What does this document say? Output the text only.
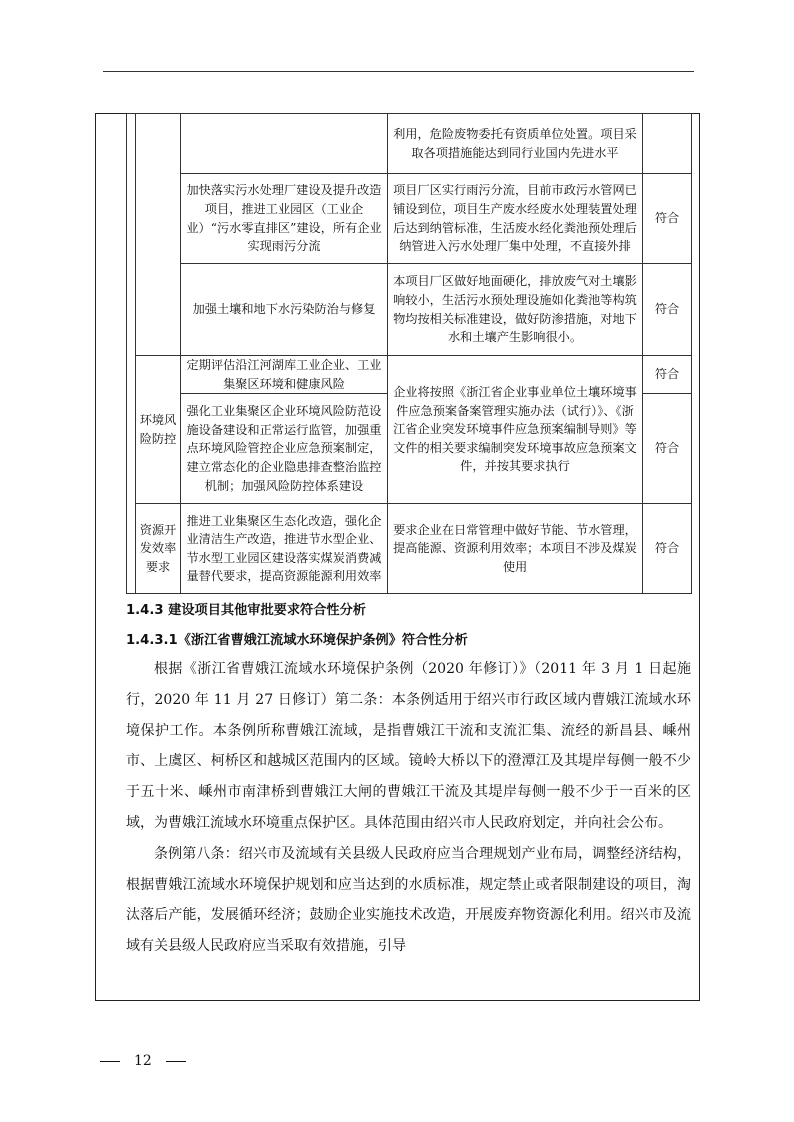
			利用，危险废物委托有资质单位处置。项目采取各项措施能达到同行业国内先进水平	
		加快落实污水处理厂建设及提升改造项目，推进工业园区（工业企业）“污水零直排区”建设，所有企业实现雨污分流	项目厂区实行雨污分流，目前市政污水管网已铺设到位，项目生产废水经废水处理装置处理后达到纳管标准，生活废水经化粪池预处理后纳管进入污水处理厂集中处理，不直接外排	符合
		加强土壤和地下水污染防治与修复	本项目厂区做好地面硬化，排放废气对土壤影响较小，生活污水预处理设施如化粪池等构筑物均按相关标准建设，做好防渗措施，对地下水和土壤产生影响很小。	符合
	环境风险防控	定期评估沿江河湖库工业企业、工业集聚区环境和健康风险	企业将按照《浙江省企业事业单位土壤环境事件应急预案备案管理实施办法（试行）》、《浙江省企业突发环境事件应急预案编制导则》等文件的相关要求编制突发环境事故应急预案文件，并按其要求执行	符合
		强化工业集聚区企业环境风险防范设施设备建设和正常运行监管，加强重点环境风险管控企业应急预案制定，建立常态化的企业隐患排查整治监控机制；加强风险防控体系建设		符合
	资源开发效率要求	推进工业集聚区生态化改造，强化企业清洁生产改造，推进节水型企业、节水型工业园区建设落实煤炭消费减量替代要求，提高资源能源利用效率	要求企业在日常管理中做好节能、节水管理，提高能源、资源利用效率；本项目不涉及煤炭使用	符合
1.4.3 建设项目其他审批要求符合性分析
1.4.3.1《浙江省曹娥江流域水环境保护条例》符合性分析

根据《浙江省曹娥江流域水环境保护条例（2020 年修订）》（2011 年 3 月 1 日起施行，2020 年 11 月 27 日修订）第二条：本条例适用于绍兴市行政区域内曹娥江流域水环境保护工作。本条例所称曹娥江流域，是指曹娥江干流和支流汇集、流经的新昌县、嵊州市、上虞区、柯桥区和越城区范围内的区域。镜岭大桥以下的澄潭江及其堤岸每侧一般不少于五十米、嵊州市南津桥到曹娥江大闸的曹娥江干流及其堤岸每侧一般不少于一百米的区域，为曹娥江流域水环境重点保护区。具体范围由绍兴市人民政府划定，并向社会公布。

条例第八条：绍兴市及流域有关县级人民政府应当合理规划产业布局，调整经济结构，根据曹娥江流域水环境保护规划和应当达到的水质标准，规定禁止或者限制建设的项目，淘汰落后产能，发展循环经济；鼓励企业实施技术改造，开展废弃物资源化利用。绍兴市及流域有关县级人民政府应当采取有效措施，引导

12
